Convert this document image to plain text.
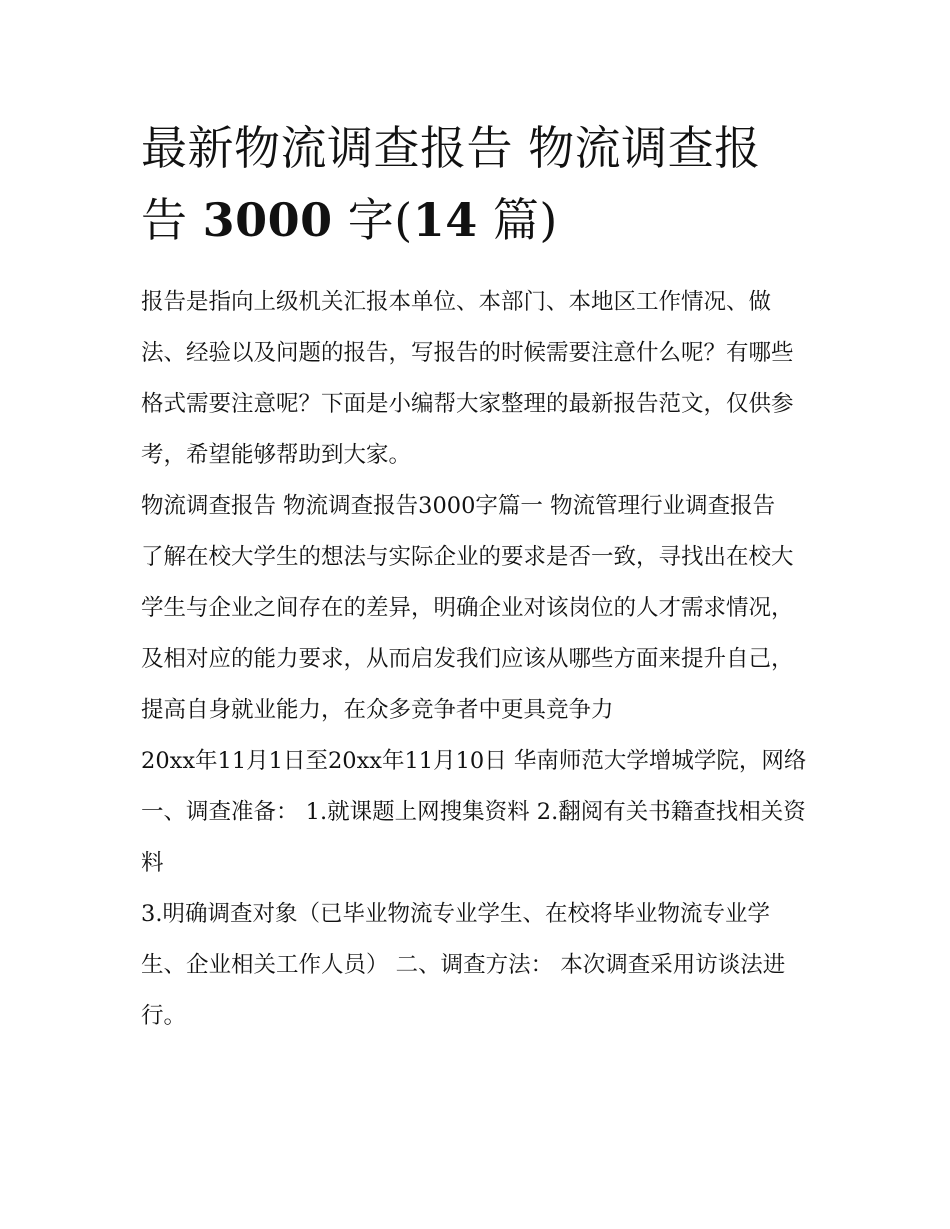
最新物流调查报告 物流调查报
告 3000 字(14 篇)

报告是指向上级机关汇报本单位、本部门、本地区工作情况、做法、经验以及问题的报告，写报告的时候需要注意什么呢？有哪些格式需要注意呢？下面是小编帮大家整理的最新报告范文，仅供参考，希望能够帮助到大家。

物流调查报告 物流调查报告3000字篇一 物流管理行业调查报告

了解在校大学生的想法与实际企业的要求是否一致，寻找出在校大学生与企业之间存在的差异，明确企业对该岗位的人才需求情况，及相对应的能力要求，从而启发我们应该从哪些方面来提升自己，提高自身就业能力，在众多竞争者中更具竞争力

20xx年11月1日至20xx年11月10日 华南师范大学增城学院，网络 一、调查准备： 1.就课题上网搜集资料 2.翻阅有关书籍查找相关资料

3.明确调查对象（已毕业物流专业学生、在校将毕业物流专业学生、企业相关工作人员） 二、调查方法： 本次调查采用访谈法进行。
